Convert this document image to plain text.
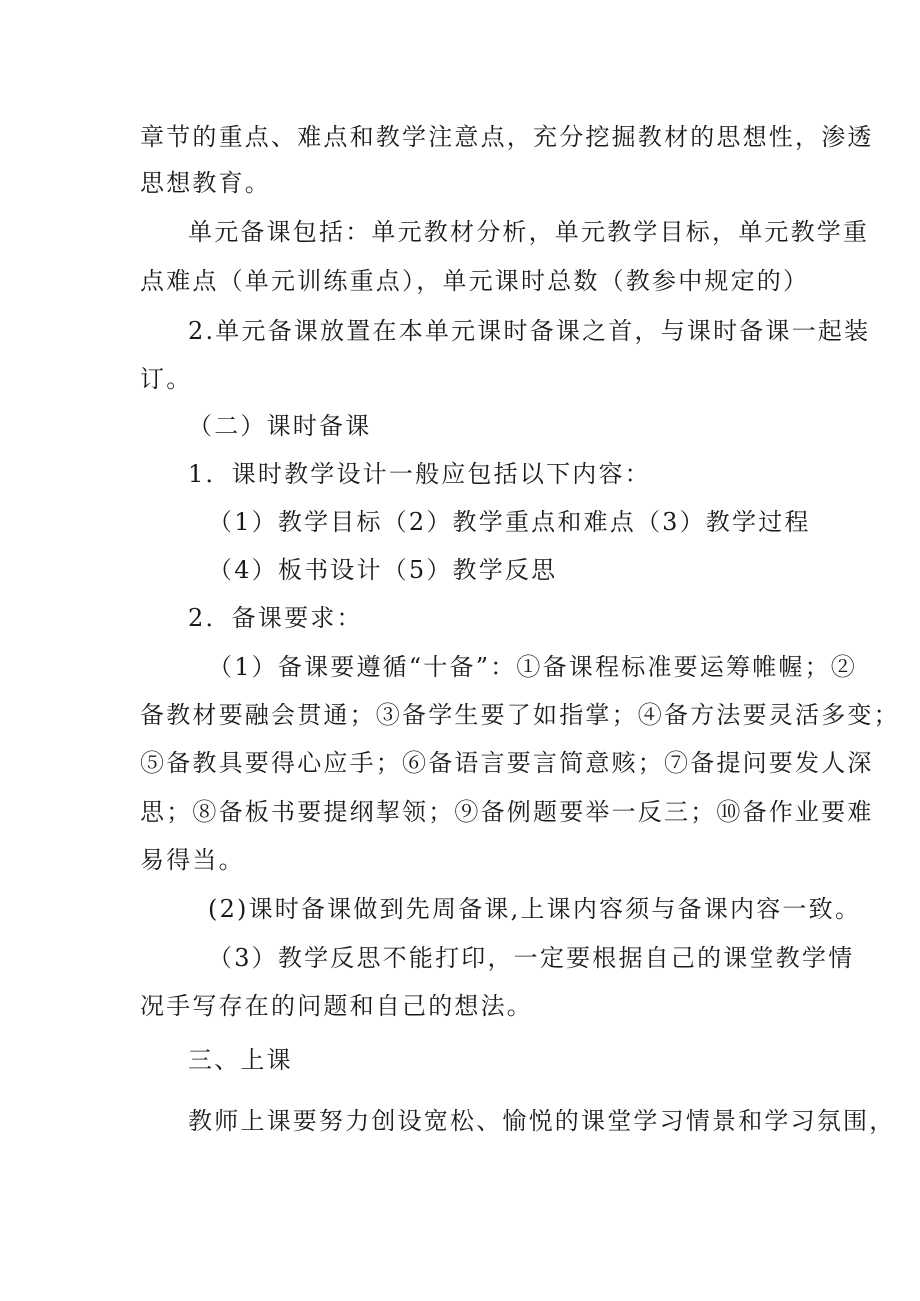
章节的重点、难点和教学注意点，充分挖掘教材的思想性，渗透
思想教育。
单元备课包括：单元教材分析，单元教学目标，单元教学重
点难点（单元训练重点），单元课时总数（教参中规定的）
2.单元备课放置在本单元课时备课之首，与课时备课一起装
订。
（二）课时备课
1．课时教学设计一般应包括以下内容：
（1）教学目标（2）教学重点和难点（3）教学过程
（4）板书设计（5）教学反思
2．备课要求：
（1）备课要遵循“十备”：①备课程标准要运筹帷幄；②
备教材要融会贯通；③备学生要了如指掌；④备方法要灵活多变；
⑤备教具要得心应手；⑥备语言要言简意赅；⑦备提问要发人深
思；⑧备板书要提纲挈领；⑨备例题要举一反三；⑩备作业要难
易得当。
(2)课时备课做到先周备课,上课内容须与备课内容一致。
（3）教学反思不能打印，一定要根据自己的课堂教学情
况手写存在的问题和自己的想法。
三、上课
教师上课要努力创设宽松、愉悦的课堂学习情景和学习氛围，
